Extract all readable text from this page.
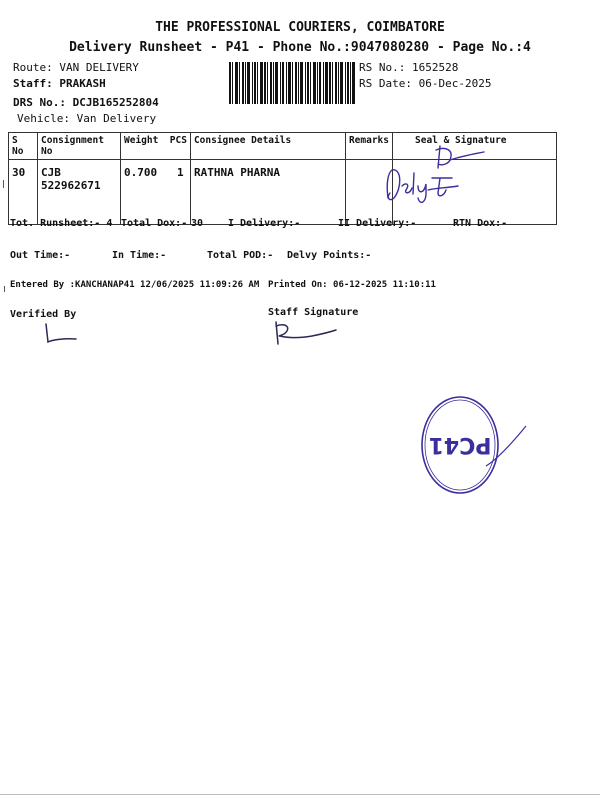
THE PROFESSIONAL COURIERS, COIMBATORE
Delivery Runsheet - P41 - Phone No.:9047080280 - Page No.:4
Route: VAN DELIVERY
Staff: PRAKASH
DRS No.: DCJB165252804
Vehicle: Van Delivery
RS No.: 1652528
RS Date: 06-Dec-2025
S No	Consignment No	Weight PCS	Consignee Details	Remarks	Seal & Signature
30	CJB 522962671	0.700 1	RATHNA PHARNA		
Tot. Runsheet:- 4 Total Dox:- 30 I Delivery:-	II Delivery:-	RTN Dox:-
Out Time:-	In Time:-	Total POD:- Delvy Points:-
Entered By :KANCHANAP41 12/06/2025 11:09:26 AM Printed On: 06-12-2025 11:10:11
Verified By	Staff Signature
PC41
